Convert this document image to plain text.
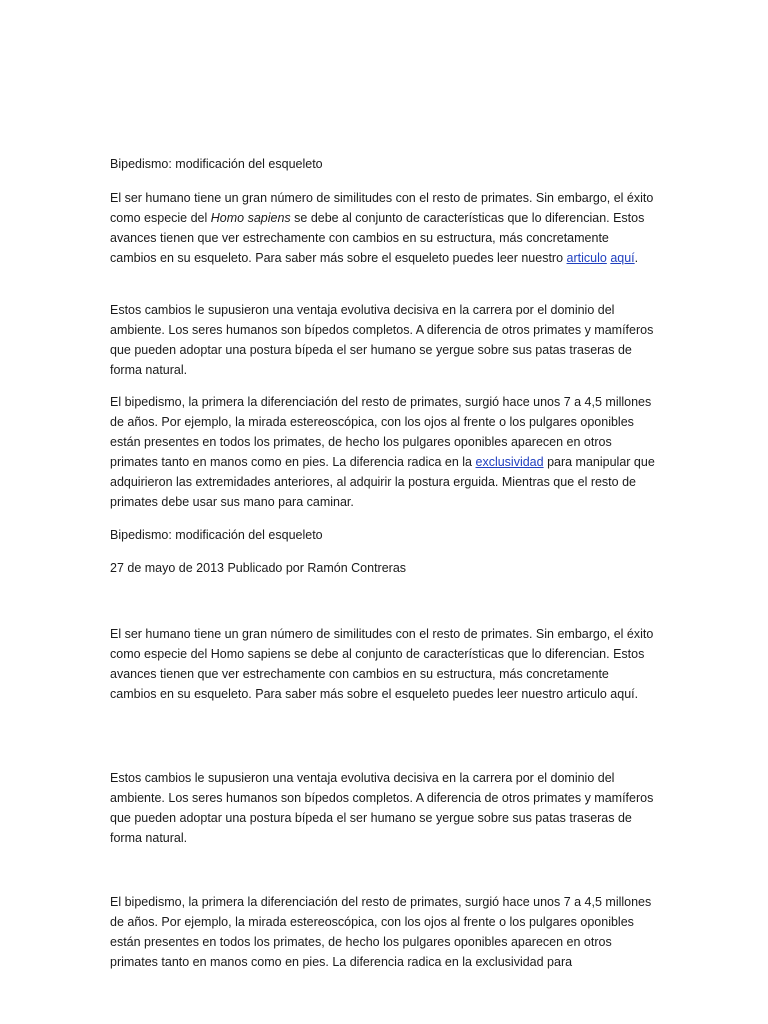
Bipedismo: modificación del esqueleto

El ser humano tiene un gran número de similitudes con el resto de primates. Sin embargo, el éxito como especie del Homo sapiens se debe al conjunto de características que lo diferencian. Estos avances tienen que ver estrechamente con cambios en su estructura, más concretamente cambios en su esqueleto. Para saber más sobre el esqueleto puedes leer nuestro articulo aquí.

Estos cambios le supusieron una ventaja evolutiva decisiva en la carrera por el dominio del ambiente. Los seres humanos son bípedos completos. A diferencia de otros primates y mamíferos que pueden adoptar una postura bípeda el ser humano se yergue sobre sus patas traseras de forma natural.

El bipedismo, la primera la diferenciación del resto de primates, surgió hace unos 7 a 4,5 millones de años. Por ejemplo, la mirada estereoscópica, con los ojos al frente o los pulgares oponibles están presentes en todos los primates, de hecho los pulgares oponibles aparecen en otros primates tanto en manos como en pies. La diferencia radica en la exclusividad para manipular que adquirieron las extremidades anteriores, al adquirir la postura erguida. Mientras que el resto de primates debe usar sus mano para caminar.

Bipedismo: modificación del esqueleto

27 de mayo de 2013 Publicado por Ramón Contreras

El ser humano tiene un gran número de similitudes con el resto de primates. Sin embargo, el éxito como especie del Homo sapiens se debe al conjunto de características que lo diferencian. Estos avances tienen que ver estrechamente con cambios en su estructura, más concretamente cambios en su esqueleto. Para saber más sobre el esqueleto puedes leer nuestro articulo aquí.

Estos cambios le supusieron una ventaja evolutiva decisiva en la carrera por el dominio del ambiente. Los seres humanos son bípedos completos. A diferencia de otros primates y mamíferos que pueden adoptar una postura bípeda el ser humano se yergue sobre sus patas traseras de forma natural.

El bipedismo, la primera la diferenciación del resto de primates, surgió hace unos 7 a 4,5 millones de años. Por ejemplo, la mirada estereoscópica, con los ojos al frente o los pulgares oponibles están presentes en todos los primates, de hecho los pulgares oponibles aparecen en otros primates tanto en manos como en pies. La diferencia radica en la exclusividad para
